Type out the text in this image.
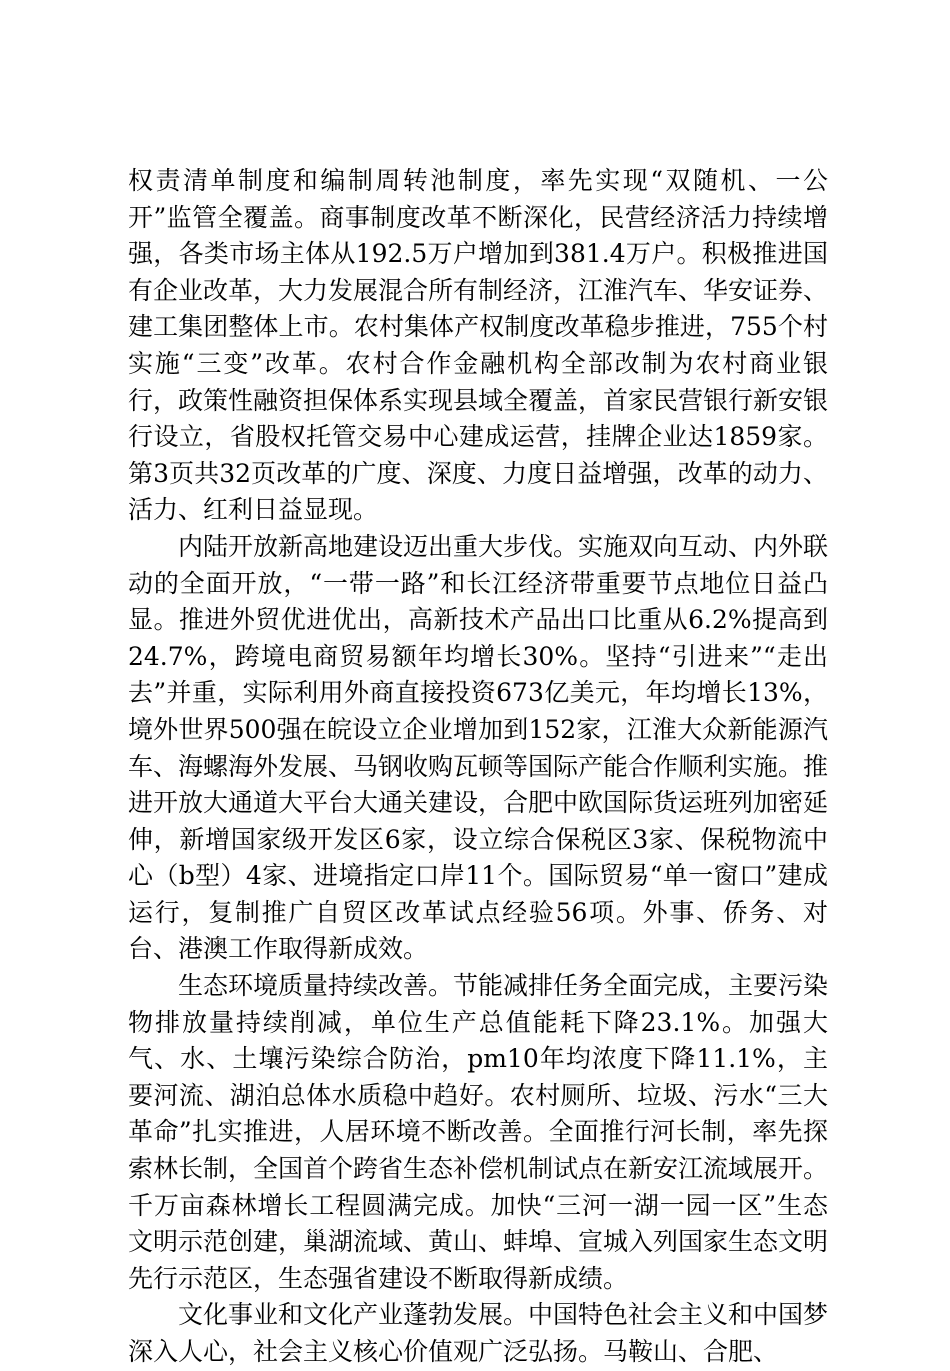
权责清单制度和编制周转池制度，率先实现“双随机、一公开”监管全覆盖。商事制度改革不断深化，民营经济活力持续增强，各类市场主体从192.5万户增加到381.4万户。积极推进国有企业改革，大力发展混合所有制经济，江淮汽车、华安证券、建工集团整体上市。农村集体产权制度改革稳步推进，755个村实施“三变”改革。农村合作金融机构全部改制为农村商业银行，政策性融资担保体系实现县域全覆盖，首家民营银行新安银行设立，省股权托管交易中心建成运营，挂牌企业达1859家。第3页共32页改革的广度、深度、力度日益增强，改革的动力、活力、红利日益显现。

内陆开放新高地建设迈出重大步伐。实施双向互动、内外联动的全面开放，“一带一路”和长江经济带重要节点地位日益凸显。推进外贸优进优出，高新技术产品出口比重从6.2%提高到24.7%，跨境电商贸易额年均增长30%。坚持“引进来”“走出去”并重，实际利用外商直接投资673亿美元，年均增长13%，境外世界500强在皖设立企业增加到152家，江淮大众新能源汽车、海螺海外发展、马钢收购瓦顿等国际产能合作顺利实施。推进开放大通道大平台大通关建设，合肥中欧国际货运班列加密延伸，新增国家级开发区6家，设立综合保税区3家、保税物流中心（b型）4家、进境指定口岸11个。国际贸易“单一窗口”建成运行，复制推广自贸区改革试点经验56项。外事、侨务、对台、港澳工作取得新成效。

生态环境质量持续改善。节能减排任务全面完成，主要污染物排放量持续削减，单位生产总值能耗下降23.1%。加强大气、水、土壤污染综合防治，pm10年均浓度下降11.1%，主要河流、湖泊总体水质稳中趋好。农村厕所、垃圾、污水“三大革命”扎实推进，人居环境不断改善。全面推行河长制，率先探索林长制，全国首个跨省生态补偿机制试点在新安江流域展开。千万亩森林增长工程圆满完成。加快“三河一湖一园一区”生态文明示范创建，巢湖流域、黄山、蚌埠、宣城入列国家生态文明先行示范区，生态强省建设不断取得新成绩。

文化事业和文化产业蓬勃发展。中国特色社会主义和中国梦深入人心，社会主义核心价值观广泛弘扬。马鞍山、合肥、
